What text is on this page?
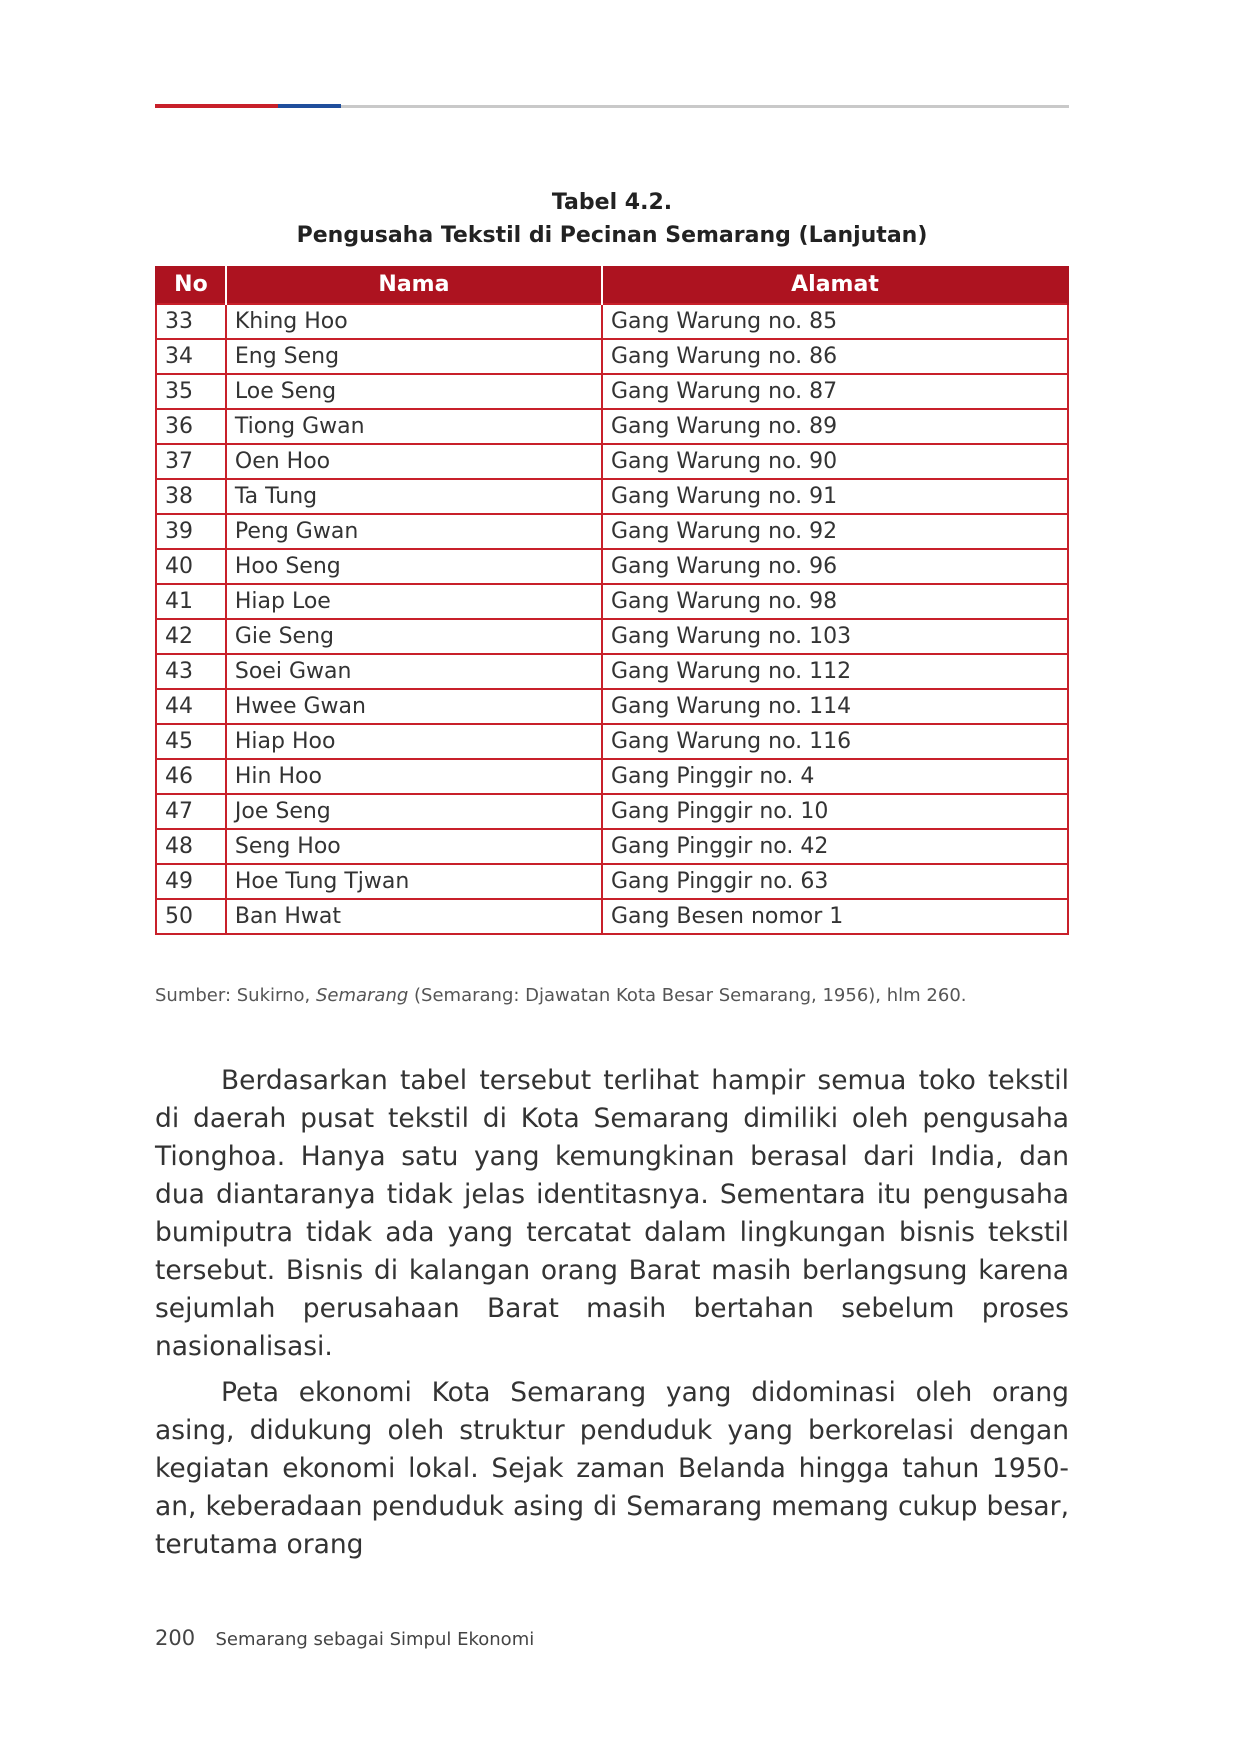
Tabel 4.2.
Pengusaha Tekstil di Pecinan Semarang (Lanjutan)
No	Nama	Alamat
33	Khing Hoo	Gang Warung no. 85
34	Eng Seng	Gang Warung no. 86
35	Loe Seng	Gang Warung no. 87
36	Tiong Gwan	Gang Warung no. 89
37	Oen Hoo	Gang Warung no. 90
38	Ta Tung	Gang Warung no. 91
39	Peng Gwan	Gang Warung no. 92
40	Hoo Seng	Gang Warung no. 96
41	Hiap Loe	Gang Warung no. 98
42	Gie Seng	Gang Warung no. 103
43	Soei Gwan	Gang Warung no. 112
44	Hwee Gwan	Gang Warung no. 114
45	Hiap Hoo	Gang Warung no. 116
46	Hin Hoo	Gang Pinggir no. 4
47	Joe Seng	Gang Pinggir no. 10
48	Seng Hoo	Gang Pinggir no. 42
49	Hoe Tung Tjwan	Gang Pinggir no. 63
50	Ban Hwat	Gang Besen nomor 1
Sumber: Sukirno, Semarang (Semarang: Djawatan Kota Besar Semarang, 1956), hlm 260.

Berdasarkan tabel tersebut terlihat hampir semua toko tekstil di daerah pusat tekstil di Kota Semarang dimiliki oleh pengusaha Tionghoa. Hanya satu yang kemungkinan berasal dari India, dan dua diantaranya tidak jelas identitasnya. Sementara itu pengusaha bumiputra tidak ada yang tercatat dalam lingkungan bisnis tekstil tersebut. Bisnis di kalangan orang Barat masih berlangsung karena sejumlah perusahaan Barat masih bertahan sebelum proses nasionalisasi.

Peta ekonomi Kota Semarang yang didominasi oleh orang asing, didukung oleh struktur penduduk yang berkorelasi dengan kegiatan ekonomi lokal. Sejak zaman Belanda hingga tahun 1950-an, keberadaan penduduk asing di Semarang memang cukup besar, terutama orang

200 Semarang sebagai Simpul Ekonomi
